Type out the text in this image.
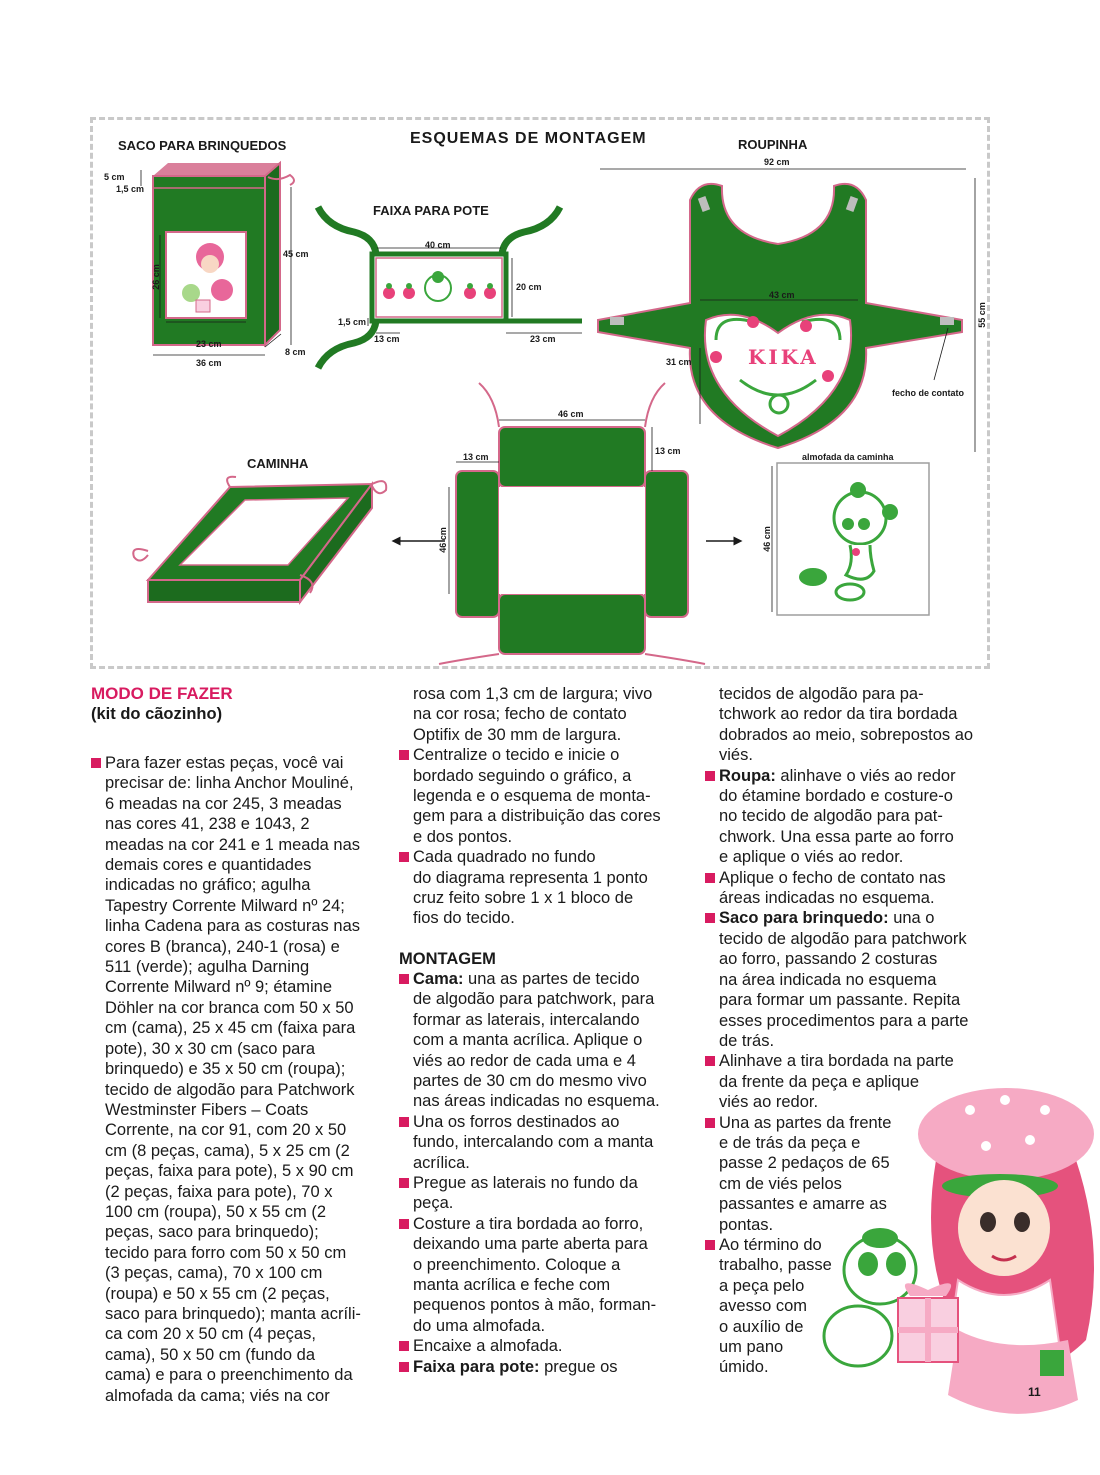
ESQUEMAS DE MONTAGEM
SACO PARA BRINQUEDOS
5 cm
1,5 cm
45 cm
26 cm
23 cm
36 cm
8 cm
FAIXA PARA POTE
40 cm
20 cm
1,5 cm
13 cm	23 cm
ROUPINHA
92 cm
43 cm
31 cm
55 cm
KIKA
fecho de contato
CAMINHA
46 cm
13 cm
13 cm
46 cm
almofada da caminha
46 cm

MODO DE FAZER

(kit do cãozinho)

Para fazer estas peças, você vai

precisar de: linha Anchor Mouliné,

6 meadas na cor 245, 3 meadas

nas cores 41, 238 e 1043, 2

meadas na cor 241 e 1 meada nas

demais cores e quantidades

indicadas no gráfico; agulha

Tapestry Corrente Milward nº 24;

linha Cadena para as costuras nas

cores B (branca), 240-1 (rosa) e

511 (verde); agulha Darning

Corrente Milward nº 9; étamine

Döhler na cor branca com 50 x 50

cm (cama), 25 x 45 cm (faixa para

pote), 30 x 30 cm (saco para

brinquedo) e 35 x 50 cm (roupa);

tecido de algodão para Patchwork

Westminster Fibers – Coats

Corrente, na cor 91, com 20 x 50

cm (8 peças, cama), 5 x 25 cm (2

peças, faixa para pote), 5 x 90 cm

(2 peças, faixa para pote), 70 x

100 cm (roupa), 50 x 55 cm (2

peças, saco para brinquedo);

tecido para forro com 50 x 50 cm

(3 peças, cama), 70 x 100 cm

(roupa) e 50 x 55 cm (2 peças,

saco para brinquedo); manta acríli-

ca com 20 x 50 cm (4 peças,

cama), 50 x 50 cm (fundo da

cama) e para o preenchimento da

almofada da cama; viés na cor

rosa com 1,3 cm de largura; vivo

na cor rosa; fecho de contato

Optifix de 30 mm de largura.

Centralize o tecido e inicie o

bordado seguindo o gráfico, a

legenda e o esquema de monta-

gem para a distribuição das cores

e dos pontos.

Cada quadrado no fundo

do diagrama representa 1 ponto

cruz feito sobre 1 x 1 bloco de

fios do tecido.

MONTAGEM

Cama: una as partes de tecido

de algodão para patchwork, para

formar as laterais, intercalando

com a manta acrílica. Aplique o

viés ao redor de cada uma e 4

partes de 30 cm do mesmo vivo

nas áreas indicadas no esquema.

Una os forros destinados ao

fundo, intercalando com a manta

acrílica.

Pregue as laterais no fundo da

peça.

Costure a tira bordada ao forro,

deixando uma parte aberta para

o preenchimento. Coloque a

manta acrílica e feche com

pequenos pontos à mão, forman-

do uma almofada.

Encaixe a almofada.

Faixa para pote: pregue os

tecidos de algodão para pa-

tchwork ao redor da tira bordada

dobrados ao meio, sobrepostos ao

viés.

Roupa: alinhave o viés ao redor

do étamine bordado e costure-o

no tecido de algodão para pat-

chwork. Una essa parte ao forro

e aplique o viés ao redor.

Aplique o fecho de contato nas

áreas indicadas no esquema.

Saco para brinquedo: una o

tecido de algodão para patchwork

ao forro, passando 2 costuras

na área indicada no esquema

para formar um passante. Repita

esses procedimentos para a parte

de trás.

Alinhave a tira bordada na parte

da frente da peça e aplique

viés ao redor.

Una as partes da frente

e de trás da peça e

passe 2 pedaços de 65

cm de viés pelos

passantes e amarre as

pontas.

Ao término do

trabalho, passe

a peça pelo

avesso com

o auxílio de

um pano

úmido.

11
